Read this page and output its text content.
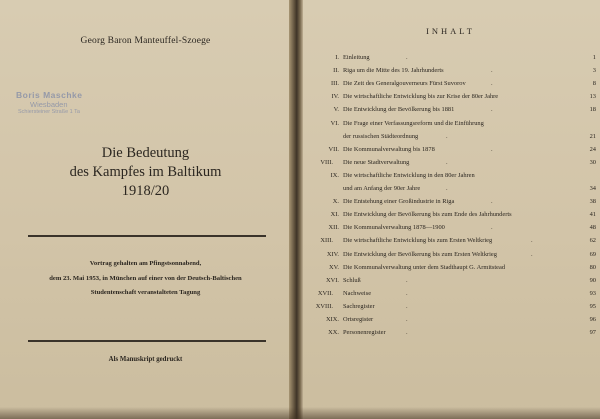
Georg Baron Manteuffel-Szoege
Boris Maschke
Wiesbaden
Schiersteiner Straße 1 Ta
Die Bedeutung
des Kampfes im Baltikum
1918/20
Vortrag gehalten am Pfingstsonnabend,
dem 23. Mai 1953, in München auf einer von der Deutsch-Baltischen
Studentenschaft veranstalteten Tagung
Als Manuskript gedruckt
INHALT
I. Einleitung	.	1
II. Riga um die Mitte des 19. Jahrhunderts	.	3
III. Die Zeit des Generalgouverneurs Fürst Suvorov	.	8
IV. Die wirtschaftliche Entwicklung bis zur Krise der 80er Jahre	13
V. Die Entwicklung der Bevölkerung bis 1881	.	18
VI. Die Frage einer Verfassungsreform und die Einführung
der russischen Städteordnung	.	21
VII. Die Kommunalverwaltung bis 1878	.	24
VIII. Die neue Stadtverwaltung	.	30
IX. Die wirtschaftliche Entwicklung in den 80er Jahren
und am Anfang der 90er Jahre	.	34
X. Die Entstehung einer Großindustrie in Riga	.	38
XI. Die Entwicklung der Bevölkerung bis zum Ende des Jahrhunderts	41
XII. Die Kommunalverwaltung 1878—1900	.	48
XIII. Die wirtschaftliche Entwicklung bis zum Ersten Weltkrieg	.	62
XIV. Die Entwicklung der Bevölkerung bis zum Ersten Weltkrieg	.	69
XV. Die Kommunalverwaltung unter dem Stadthaupt G. Armitstead	80
XVI. Schluß	.	90
XVII. Nachweise	.	93
XVIII. Sachregister	.	95
XIX. Ortsregister	.	96
XX. Personenregister	.	97
